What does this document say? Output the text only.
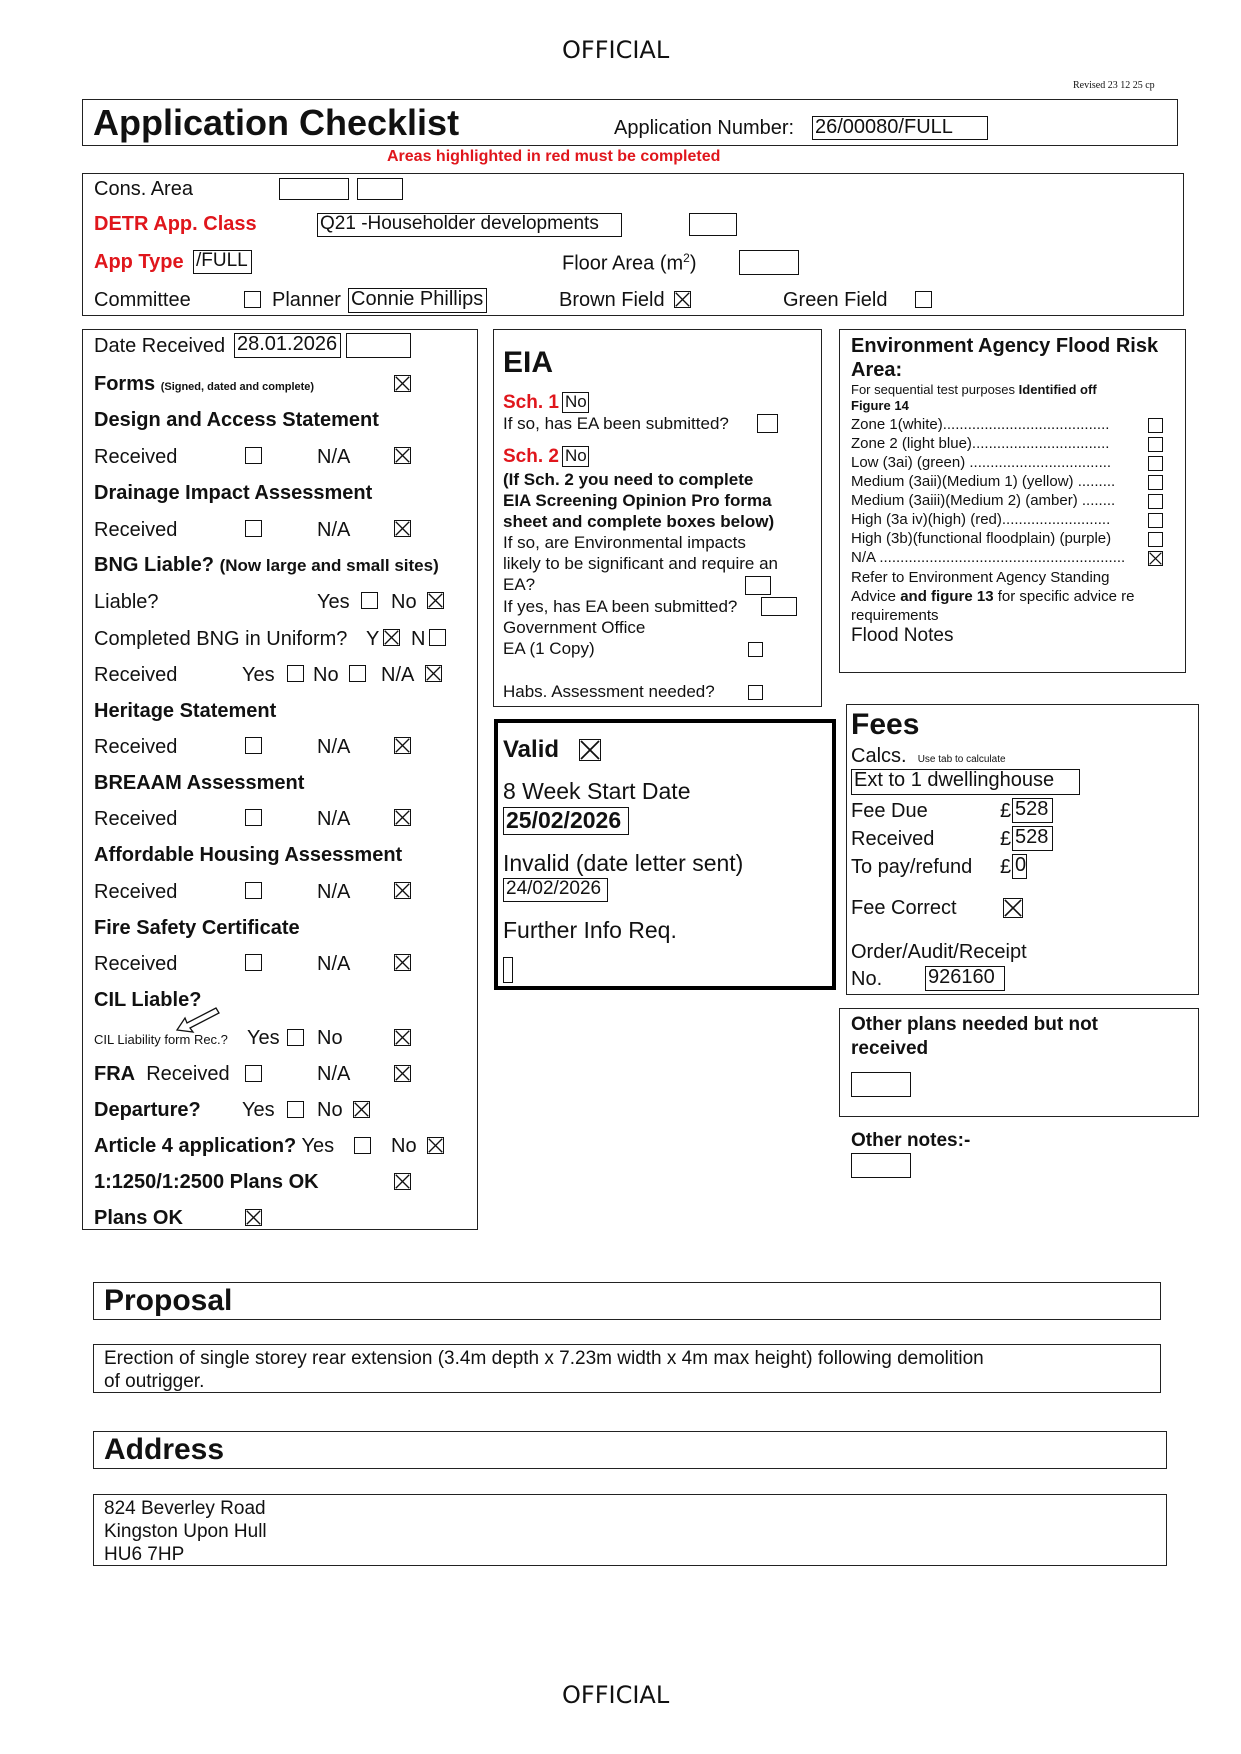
OFFICIAL
Revised 23 12 25 cp
Application Checklist	Application Number: 26/00080/FULL
Areas highlighted in red must be completed
Cons. Area
DETR App. Class	Q21 -Householder developments
App Type /FULL	Floor Area $(m^2)$
Committee	Planner Connie Phillips	Brown Field	Green Field
Date Received 28.01.2026
Forms (Signed, dated and complete)
Design and Access Statement
Received	N/A
Drainage Impact Assessment
Received	N/A
BNG Liable? (Now large and small sites)
Liable?	Yes No
Completed BNG in Uniform? Y N
Received	Yes No N/A
Heritage Statement
Received	N/A
BREAAM Assessment
Received	N/A
Affordable Housing Assessment
Received	N/A
Fire Safety Certificate
Received	N/A
CIL Liable?
CIL Liability form Rec.? Yes No
FRA Received	N/A
Departure? Yes No
Article 4 application? Yes	No
1:1250/1:2500 Plans OK
Plans OK
EIA
Sch. 1 No
If so, has EA been submitted?
Sch. 2 No
(If Sch. 2 you need to complete
EIA Screening Opinion Pro forma
sheet and complete boxes below)
If so, are Environmental impacts
likely to be significant and require an
EA?
If yes, has EA been submitted?
Government Office
EA (1 Copy)
Habs. Assessment needed?
Environment Agency Flood Risk
Area:
For sequential test purposes Identified off
Figure 14
Zone 1(white)........................................
Zone 2 (light blue).................................
Low (3ai) (green) ..................................
Medium (3aii)(Medium 1) (yellow) .........
Medium (3aiii)(Medium 2) (amber) ........
High (3a iv)(high) (red)..........................
High (3b)(functional floodplain) (purple)
N/A ...........................................................
Refer to Environment Agency Standing
Advice and figure 13 for specific advice re
requirements
Flood Notes
Valid
8 Week Start Date
25/02/2026
Invalid (date letter sent)
24/02/2026
Further Info Req.
Fees
Calcs. Use tab to calculate
Ext to 1 dwellinghouse
Fee Due	£ 528
Received	£ 528
To pay/refund £ 0
Fee Correct
Order/Audit/Receipt
No. 926160
Other plans needed but not
received
Other notes:-
Proposal
Erection of single storey rear extension (3.4m depth x 7.23m width x 4m max height) following demolition
of outrigger.
Address
824 Beverley Road
Kingston Upon Hull
HU6 7HP
OFFICIAL
